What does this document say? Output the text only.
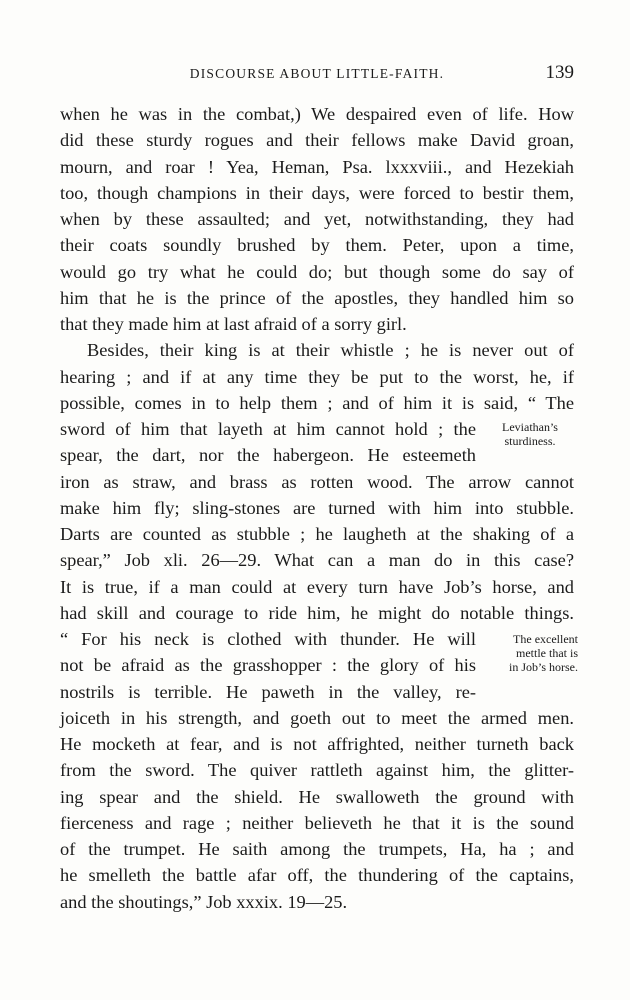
DISCOURSE ABOUT LITTLE-FAITH.	139
when he was in the combat,) We despaired even of life. How
did these sturdy rogues and their fellows make David groan,
mourn, and roar ! Yea, Heman, Psa. lxxxviii., and Hezekiah
too, though champions in their days, were forced to bestir them,
when by these assaulted; and yet, notwithstanding, they had
their coats soundly brushed by them. Peter, upon a time,
would go try what he could do; but though some do say of
him that he is the prince of the apostles, they handled him so
that they made him at last afraid of a sorry girl.
Besides, their king is at their whistle ; he is never out of
hearing ; and if at any time they be put to the worst, he, if
possible, comes in to help them ; and of him it is said, “ The
sword of him that layeth at him cannot hold ; the
spear, the dart, nor the habergeon. He esteemeth
iron as straw, and brass as rotten wood. The arrow cannot
make him fly; sling-stones are turned with him into stubble.
Darts are counted as stubble ; he laugheth at the shaking of a
spear,” Job xli. 26—29. What can a man do in this case?
It is true, if a man could at every turn have Job’s horse, and
had skill and courage to ride him, he might do notable things.
“ For his neck is clothed with thunder. He will
not be afraid as the grasshopper : the glory of his
nostrils is terrible. He paweth in the valley, re-
joiceth in his strength, and goeth out to meet the armed men.
He mocketh at fear, and is not affrighted, neither turneth back
from the sword. The quiver rattleth against him, the glitter-
ing spear and the shield. He swalloweth the ground with
fierceness and rage ; neither believeth he that it is the sound
of the trumpet. He saith among the trumpets, Ha, ha ; and
he smelleth the battle afar off, the thundering of the captains,
and the shoutings,” Job xxxix. 19—25.
Leviathan’s
sturdiness.
The excellent
mettle that is
in Job’s horse.
